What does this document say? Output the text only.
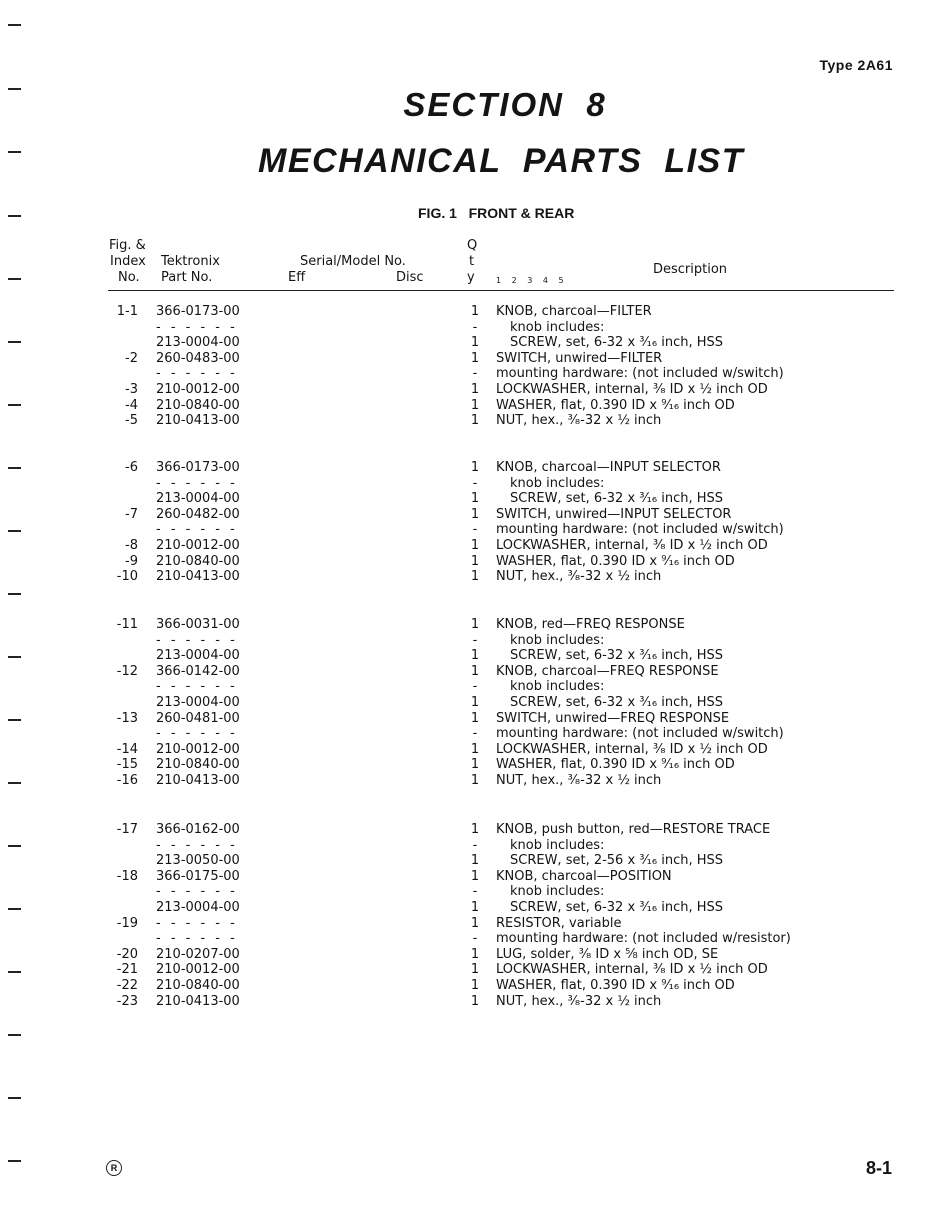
Type 2A61
SECTION  8
MECHANICAL  PARTS  LIST
FIG. 1   FRONT & REAR
Fig. &
Index
No.
Tektronix
Part No.
Serial/Model No.
Eff	Disc
Q
t
y	1 2 3 4 5
Description
1-1 366-0173-00	1 KNOB, charcoal—FILTER
- - - - - -	-	knob includes:
213-0004-00	1 SCREW, set, 6-32 x ³⁄₁₆ inch, HSS
-2 260-0483-00	1 SWITCH, unwired—FILTER
- - - - - -	- mounting hardware: (not included w/switch)
-3 210-0012-00	1 LOCKWASHER, internal, ³⁄₈ ID x ½ inch OD
-4 210-0840-00	1 WASHER, flat, 0.390 ID x ⁹⁄₁₆ inch OD
-5 210-0413-00	1 NUT, hex., ³⁄₈-32 x ½ inch
-6 366-0173-00	1 KNOB, charcoal—INPUT SELECTOR
- - - - - -	-	knob includes:
213-0004-00	1 SCREW, set, 6-32 x ³⁄₁₆ inch, HSS
-7 260-0482-00	1 SWITCH, unwired—INPUT SELECTOR
- - - - - -	- mounting hardware: (not included w/switch)
-8 210-0012-00	1 LOCKWASHER, internal, ³⁄₈ ID x ½ inch OD
-9 210-0840-00	1 WASHER, flat, 0.390 ID x ⁹⁄₁₆ inch OD
-10 210-0413-00	1 NUT, hex., ³⁄₈-32 x ½ inch
-11 366-0031-00	1 KNOB, red—FREQ RESPONSE
- - - - - -	-	knob includes:
213-0004-00	1 SCREW, set, 6-32 x ³⁄₁₆ inch, HSS
-12 366-0142-00	1 KNOB, charcoal—FREQ RESPONSE
- - - - - -	-	knob includes:
213-0004-00	1 SCREW, set, 6-32 x ³⁄₁₆ inch, HSS
-13 260-0481-00	1 SWITCH, unwired—FREQ RESPONSE
- - - - - -	- mounting hardware: (not included w/switch)
-14 210-0012-00	1 LOCKWASHER, internal, ³⁄₈ ID x ½ inch OD
-15 210-0840-00	1 WASHER, flat, 0.390 ID x ⁹⁄₁₆ inch OD
-16 210-0413-00	1 NUT, hex., ³⁄₈-32 x ½ inch
-17 366-0162-00	1 KNOB, push button, red—RESTORE TRACE
- - - - - -	-	knob includes:
213-0050-00	1 SCREW, set, 2-56 x ³⁄₁₆ inch, HSS
-18 366-0175-00	1 KNOB, charcoal—POSITION
- - - - - -	-	knob includes:
213-0004-00	1 SCREW, set, 6-32 x ³⁄₁₆ inch, HSS
-19 - - - - - -	1 RESISTOR, variable
- - - - - -	- mounting hardware: (not included w/resistor)
-20 210-0207-00	1 LUG, solder, ³⁄₈ ID x ⅝ inch OD, SE
-21 210-0012-00	1 LOCKWASHER, internal, ³⁄₈ ID x ½ inch OD
-22 210-0840-00	1 WASHER, flat, 0.390 ID x ⁹⁄₁₆ inch OD
-23 210-0413-00	1 NUT, hex., ³⁄₈-32 x ½ inch
R	8-1
